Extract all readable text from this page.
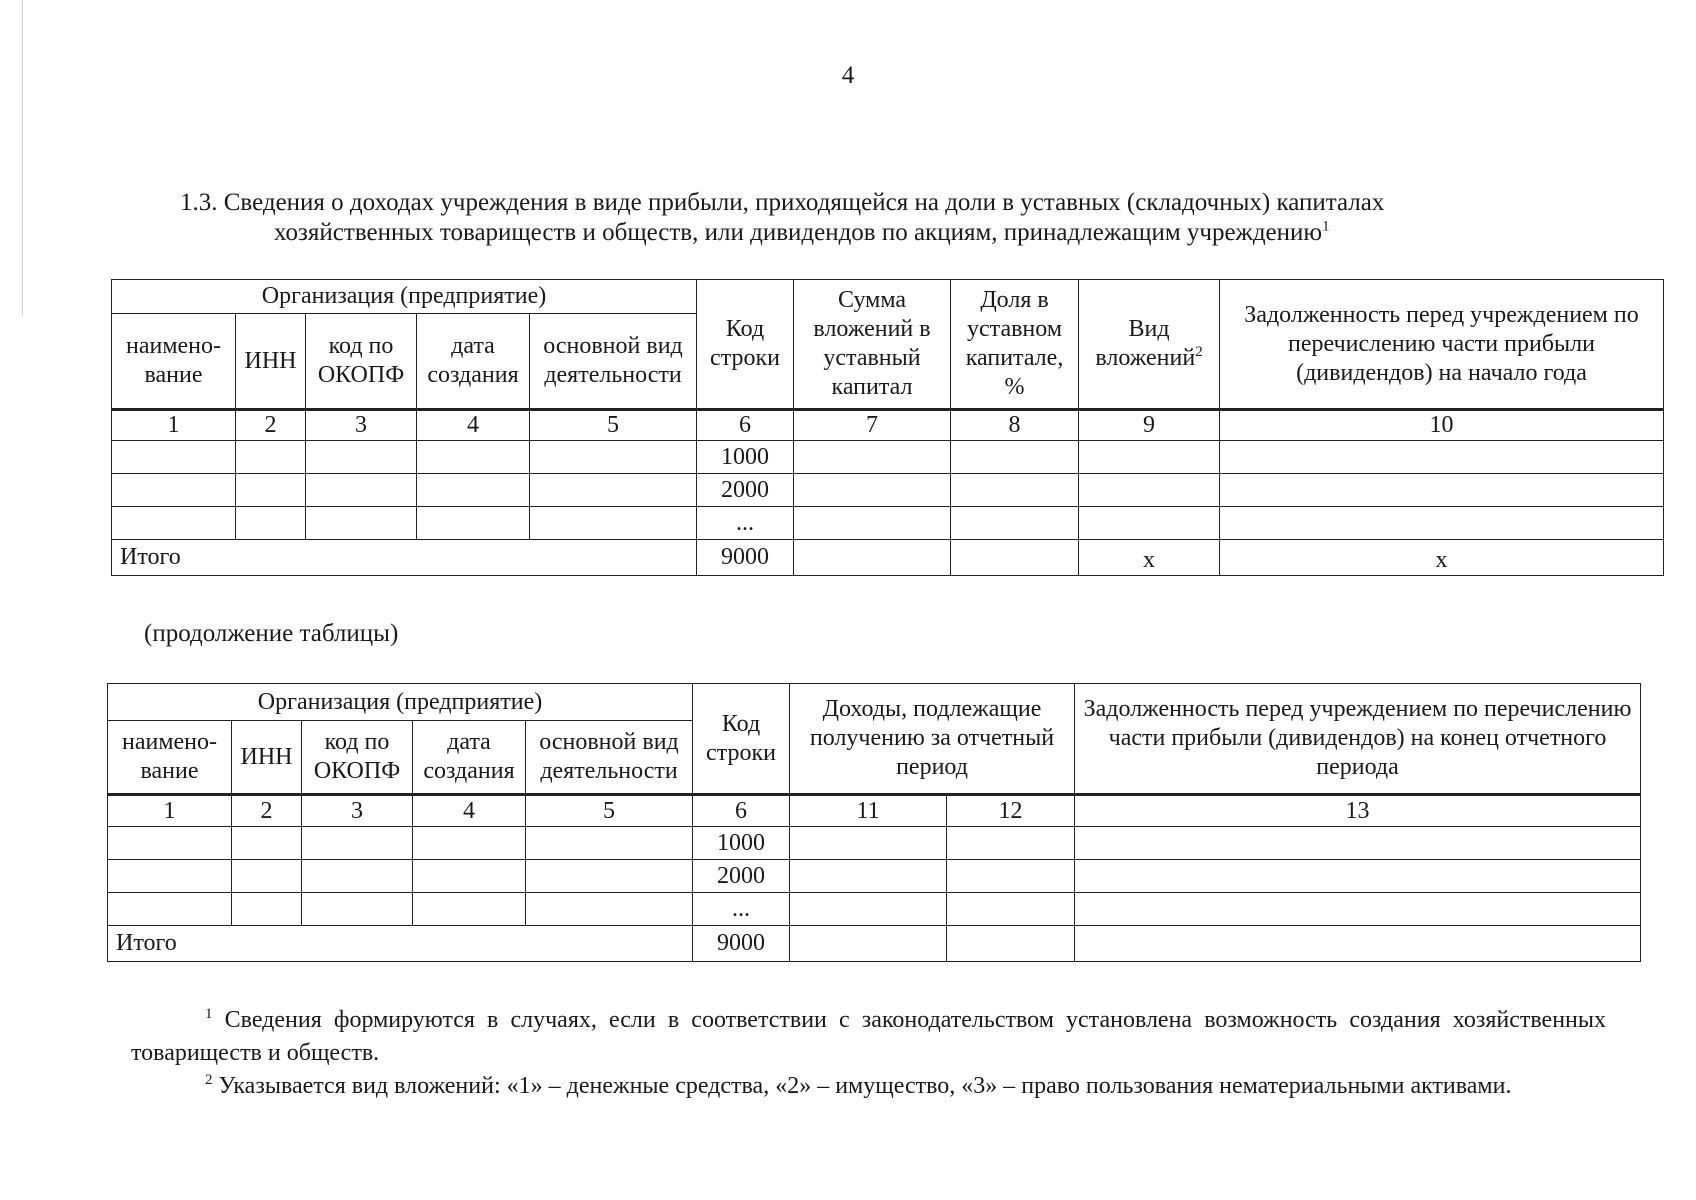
4
1.3. Сведения о доходах учреждения в виде прибыли, приходящейся на доли в уставных (складочных) капиталах
хозяйственных товариществ и обществ, или дивидендов по акциям, принадлежащим учреждению$^1$
Организация (предприятие)					Код строки	Сумма вложений в уставный капитал	Доля в уставном капитале, %	Вид вложений$^2$	Задолженность перед учреждением по перечислению части прибыли (дивидендов) на начало года
наимено-вание	ИНН	код по ОКОПФ	дата создания	основной вид деятельности					
1	2	3	4	5	6	7	8	9	10
					1000				
					2000				
					...				
Итого					9000			x	x
(продолжение таблицы)
Организация (предприятие)					Код строки	Доходы, подлежащие получению за отчетный период		Задолженность перед учреждением по перечислению части прибыли (дивидендов) на конец отчетного периода
наимено-вание	ИНН	код по ОКОПФ	дата создания	основной вид деятельности				
1	2	3	4	5	6	11	12	13
					1000			
					2000			
					...			
Итого					9000			

$^1$ Сведения формируются в случаях, если в соответствии с законодательством установлена возможность создания хозяйственных товариществ и обществ.

$^2$ Указывается вид вложений: «1» – денежные средства, «2» – имущество, «3» – право пользования нематериальными активами.
